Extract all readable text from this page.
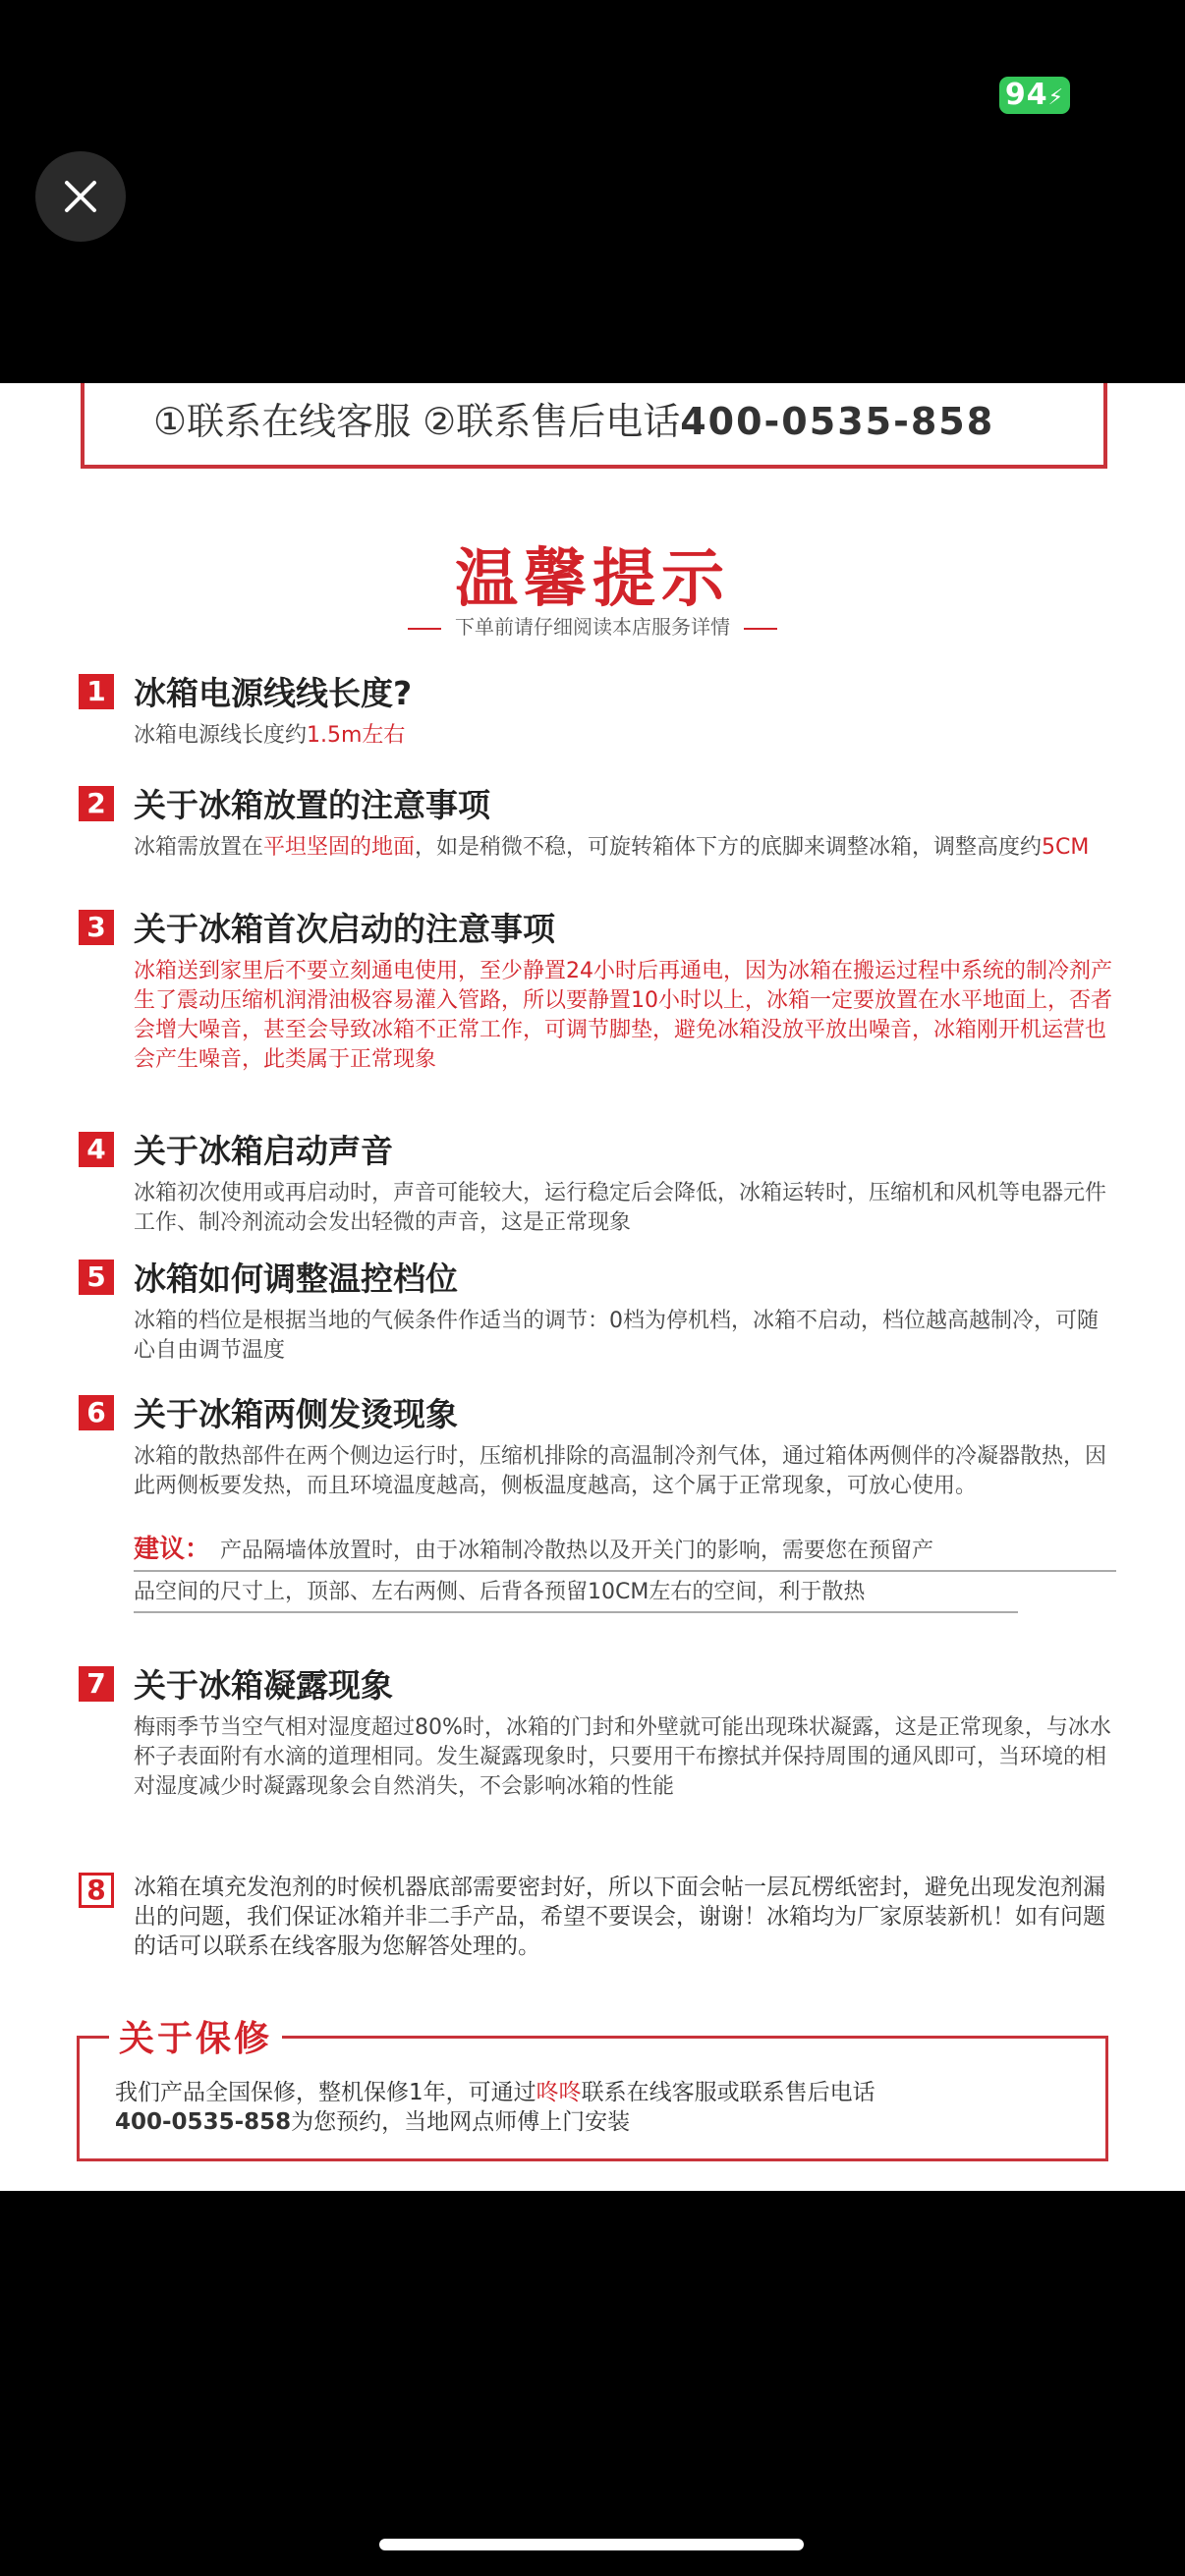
94⚡
①联系在线客服 ②联系售后电话400-0535-858
温馨提示
下单前请仔细阅读本店服务详情
1 冰箱电源线线长度?
冰箱电源线长度约1.5m左右
2 关于冰箱放置的注意事项
冰箱需放置在平坦坚固的地面，如是稍微不稳，可旋转箱体下方的底脚来调整冰箱，调整高度约5CM
3 关于冰箱首次启动的注意事项
冰箱送到家里后不要立刻通电使用，至少静置24小时后再通电，因为冰箱在搬运过程中系统的制冷剂产生了震动压缩机润滑油极容易灌入管路，所以要静置10小时以上，冰箱一定要放置在水平地面上，否者会增大噪音，甚至会导致冰箱不正常工作，可调节脚垫，避免冰箱没放平放出噪音，冰箱刚开机运营也会产生噪音，此类属于正常现象
4 关于冰箱启动声音
冰箱初次使用或再启动时，声音可能较大，运行稳定后会降低，冰箱运转时，压缩机和风机等电器元件工作、制冷剂流动会发出轻微的声音，这是正常现象
5 冰箱如何调整温控档位
冰箱的档位是根据当地的气候条件作适当的调节：0档为停机档，冰箱不启动，档位越高越制冷，可随心自由调节温度
6 关于冰箱两侧发烫现象
冰箱的散热部件在两个侧边运行时，压缩机排除的高温制冷剂气体，通过箱体两侧伴的冷凝器散热，因此两侧板要发热，而且环境温度越高，侧板温度越高，这个属于正常现象，可放心使用。
建议： 产品隔墙体放置时，由于冰箱制冷散热以及开关门的影响，需要您在预留产
品空间的尺寸上，顶部、左右两侧、后背各预留10CM左右的空间，利于散热
7 关于冰箱凝露现象
梅雨季节当空气相对湿度超过80%时，冰箱的门封和外壁就可能出现珠状凝露，这是正常现象，与冰水杯子表面附有水滴的道理相同。发生凝露现象时，只要用干布擦拭并保持周围的通风即可，当环境的相对湿度减少时凝露现象会自然消失，不会影响冰箱的性能
8	冰箱在填充发泡剂的时候机器底部需要密封好，所以下面会帖一层瓦楞纸密封，避免出现发泡剂漏出的问题，我们保证冰箱并非二手产品，希望不要误会，谢谢！冰箱均为厂家原装新机！如有问题的话可以联系在线客服为您解答处理的。
关于保修
我们产品全国保修，整机保修1年，可通过咚咚联系在线客服或联系售后电话
400-0535-858为您预约，当地网点师傅上门安装
